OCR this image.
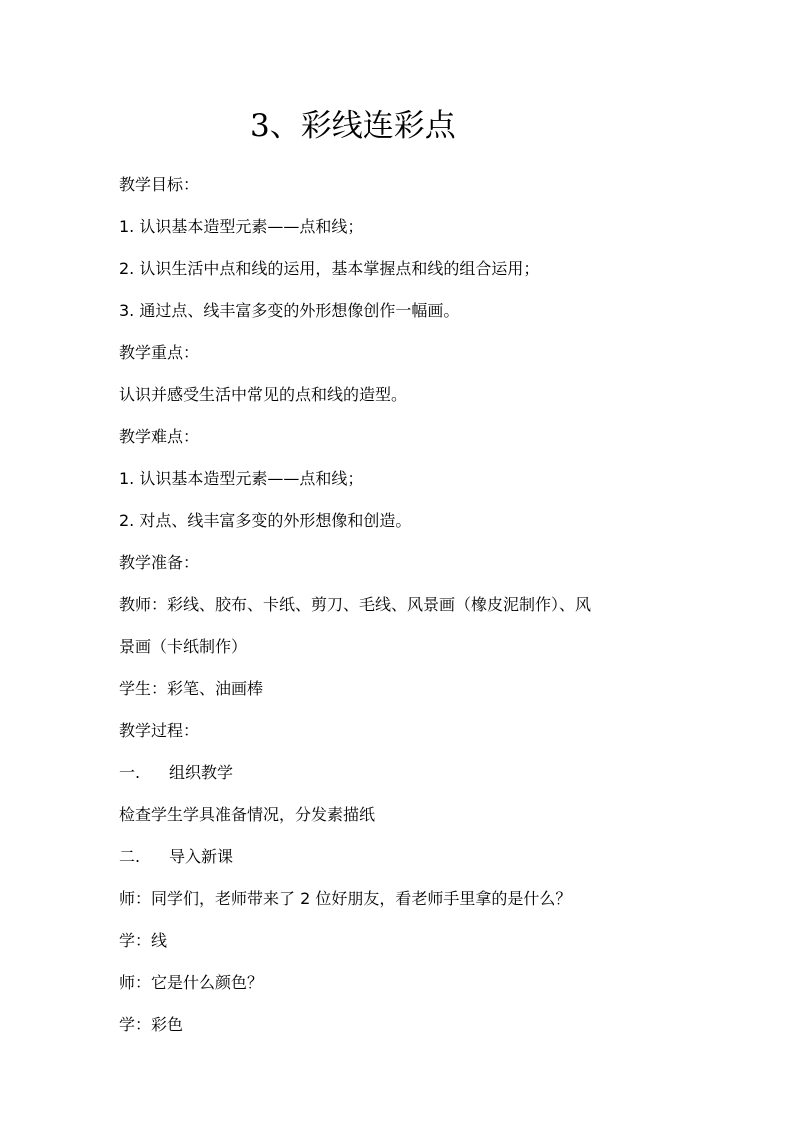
3、彩线连彩点
教学目标：
1. 认识基本造型元素——点和线；
2. 认识生活中点和线的运用，基本掌握点和线的组合运用；
3. 通过点、线丰富多变的外形想像创作一幅画。
教学重点：
认识并感受生活中常见的点和线的造型。
教学难点：
1. 认识基本造型元素——点和线；
2. 对点、线丰富多变的外形想像和创造。
教学准备：
教师：彩线、胶布、卡纸、剪刀、毛线、风景画（橡皮泥制作）、风
景画（卡纸制作）
学生：彩笔、油画棒
教学过程：
一. 组织教学
检查学生学具准备情况，分发素描纸
二. 导入新课
师：同学们，老师带来了 2 位好朋友，看老师手里拿的是什么？
学：线
师：它是什么颜色？
学：彩色
